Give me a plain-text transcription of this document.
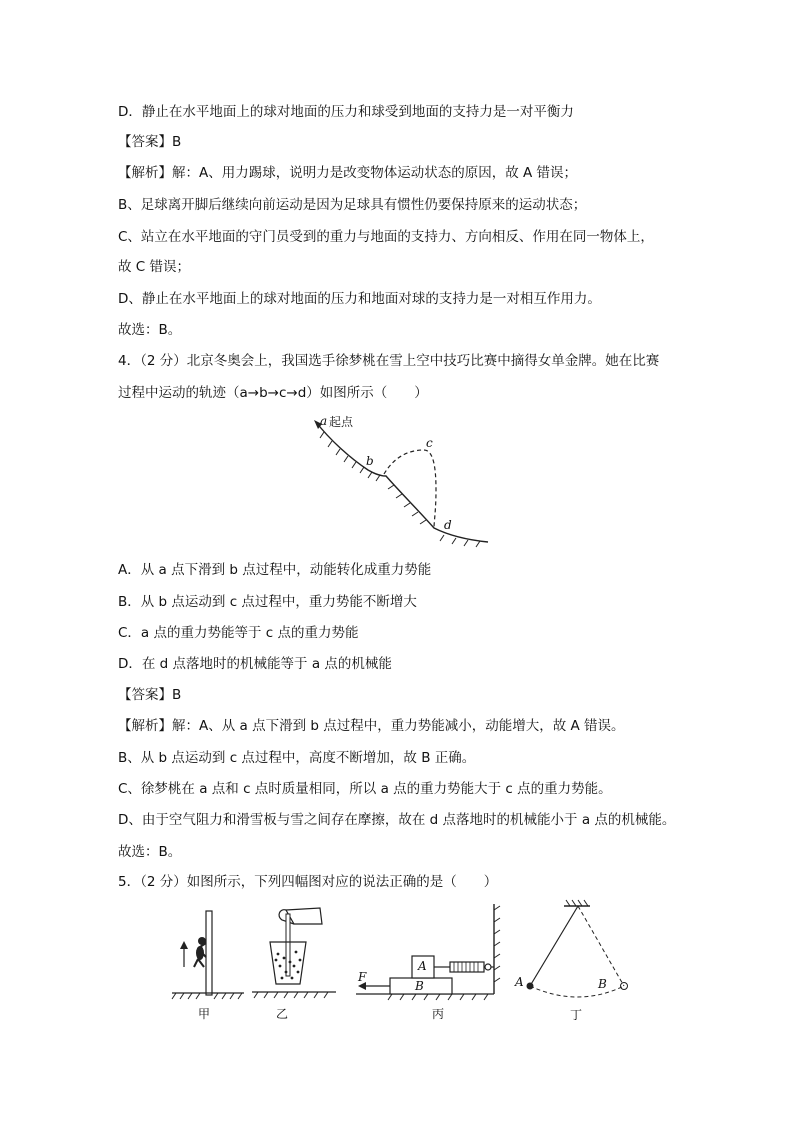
D．静止在水平地面上的球对地面的压力和球受到地面的支持力是一对平衡力
【答案】B
【解析】解：A、用力踢球，说明力是改变物体运动状态的原因，故 A 错误；
B、足球离开脚后继续向前运动是因为足球具有惯性仍要保持原来的运动状态；
C、站立在水平地面的守门员受到的重力与地面的支持力、方向相反、作用在同一物体上，
故 C 错误；
D、静止在水平地面上的球对地面的压力和地面对球的支持力是一对相互作用力。
故选：B。
4．（2 分）北京冬奥会上，我国选手徐梦桃在雪上空中技巧比赛中摘得女单金牌。她在比赛
过程中运动的轨迹（a→b→c→d）如图所示（　　）
a 起点
b
c
d
A．从 a 点下滑到 b 点过程中，动能转化成重力势能
B．从 b 点运动到 c 点过程中，重力势能不断增大
C．a 点的重力势能等于 c 点的重力势能
D．在 d 点落地时的机械能等于 a 点的机械能
【答案】B
【解析】解：A、从 a 点下滑到 b 点过程中，重力势能减小，动能增大，故 A 错误。
B、从 b 点运动到 c 点过程中，高度不断增加，故 B 正确。
C、徐梦桃在 a 点和 c 点时质量相同，所以 a 点的重力势能大于 c 点的重力势能。
D、由于空气阻力和滑雪板与雪之间存在摩擦，故在 d 点落地时的机械能小于 a 点的机械能。
故选：B。
5．（2 分）如图所示，下列四幅图对应的说法正确的是（　　）
甲	乙
F
A
B
丙
A	B
丁
